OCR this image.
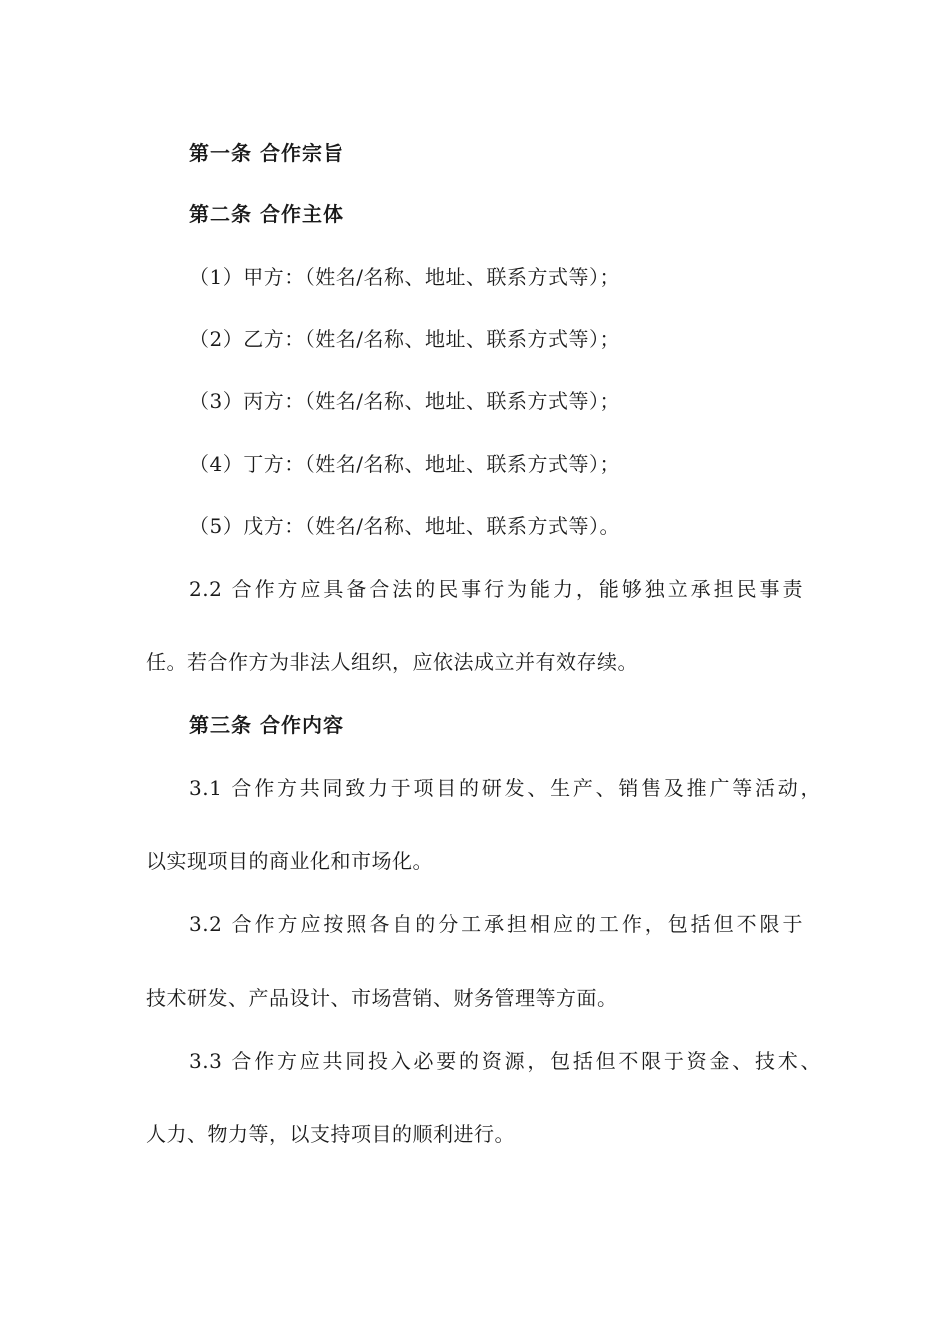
第一条 合作宗旨
第二条 合作主体
（1）甲方：（姓名/名称、地址、联系方式等）；
（2）乙方：（姓名/名称、地址、联系方式等）；
（3）丙方：（姓名/名称、地址、联系方式等）；
（4）丁方：（姓名/名称、地址、联系方式等）；
（5）戊方：（姓名/名称、地址、联系方式等）。
2.2 合作方应具备合法的民事行为能力，能够独立承担民事责
任。若合作方为非法人组织，应依法成立并有效存续。
第三条 合作内容
3.1 合作方共同致力于项目的研发、生产、销售及推广等活动，
以实现项目的商业化和市场化。
3.2 合作方应按照各自的分工承担相应的工作，包括但不限于
技术研发、产品设计、市场营销、财务管理等方面。
3.3 合作方应共同投入必要的资源，包括但不限于资金、技术、
人力、物力等，以支持项目的顺利进行。
